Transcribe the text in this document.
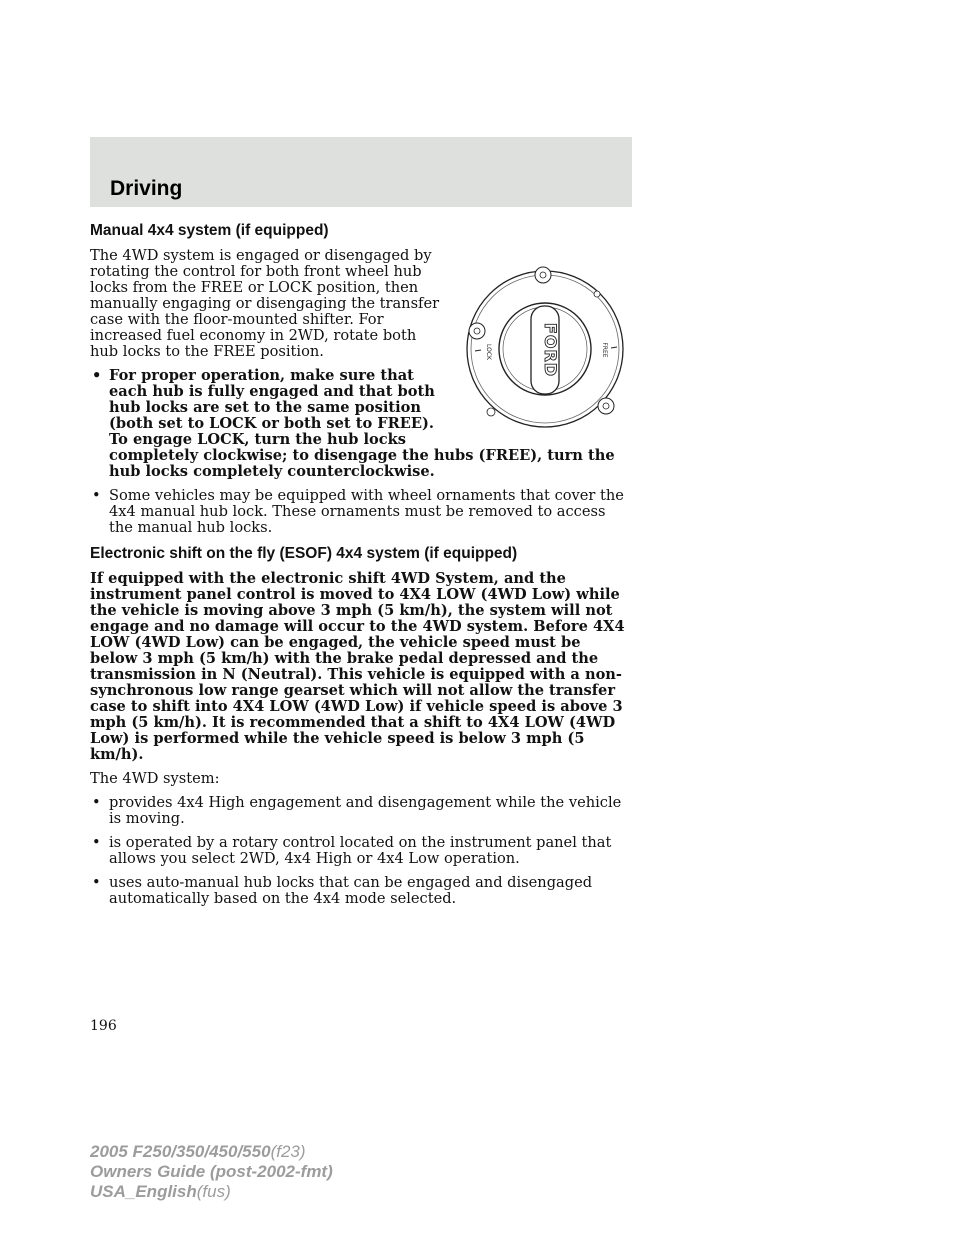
Driving
Manual 4x4 system (if equipped)
FORD
LOCK	FREE

The 4WD system is engaged or disengaged by rotating the control for both front wheel hub locks from the FREE or LOCK position, then manually engaging or disengaging the transfer case with the floor-mounted shifter. For increased fuel economy in 2WD, rotate both hub locks to the FREE position.

• For proper operation, make sure that each hub is fully engaged and that both hub locks are set to the same position (both set to LOCK or both set to FREE). To engage LOCK, turn the hub locks completely clockwise; to disengage the hubs (FREE), turn the hub locks completely counterclockwise.
• Some vehicles may be equipped with wheel ornaments that cover the 4x4 manual hub lock. These ornaments must be removed to access the manual hub locks.
Electronic shift on the fly (ESOF) 4x4 system (if equipped)

If equipped with the electronic shift 4WD System, and the instrument panel control is moved to 4X4 LOW (4WD Low) while the vehicle is moving above 3 mph (5 km/h), the system will not engage and no damage will occur to the 4WD system. Before 4X4 LOW (4WD Low) can be engaged, the vehicle speed must be below 3 mph (5 km/h) with the brake pedal depressed and the transmission in N (Neutral). This vehicle is equipped with a non-synchronous low range gearset which will not allow the transfer case to shift into 4X4 LOW (4WD Low) if vehicle speed is above 3 mph (5 km/h). It is recommended that a shift to 4X4 LOW (4WD Low) is performed while the vehicle speed is below 3 mph (5 km/h).

The 4WD system:

• provides 4x4 High engagement and disengagement while the vehicle is moving.
• is operated by a rotary control located on the instrument panel that allows you select 2WD, 4x4 High or 4x4 Low operation.
• uses auto-manual hub locks that can be engaged and disengaged automatically based on the 4x4 mode selected.
196
2005 F250/350/450/550(f23)
Owners Guide (post-2002-fmt)
USA_English(fus)
